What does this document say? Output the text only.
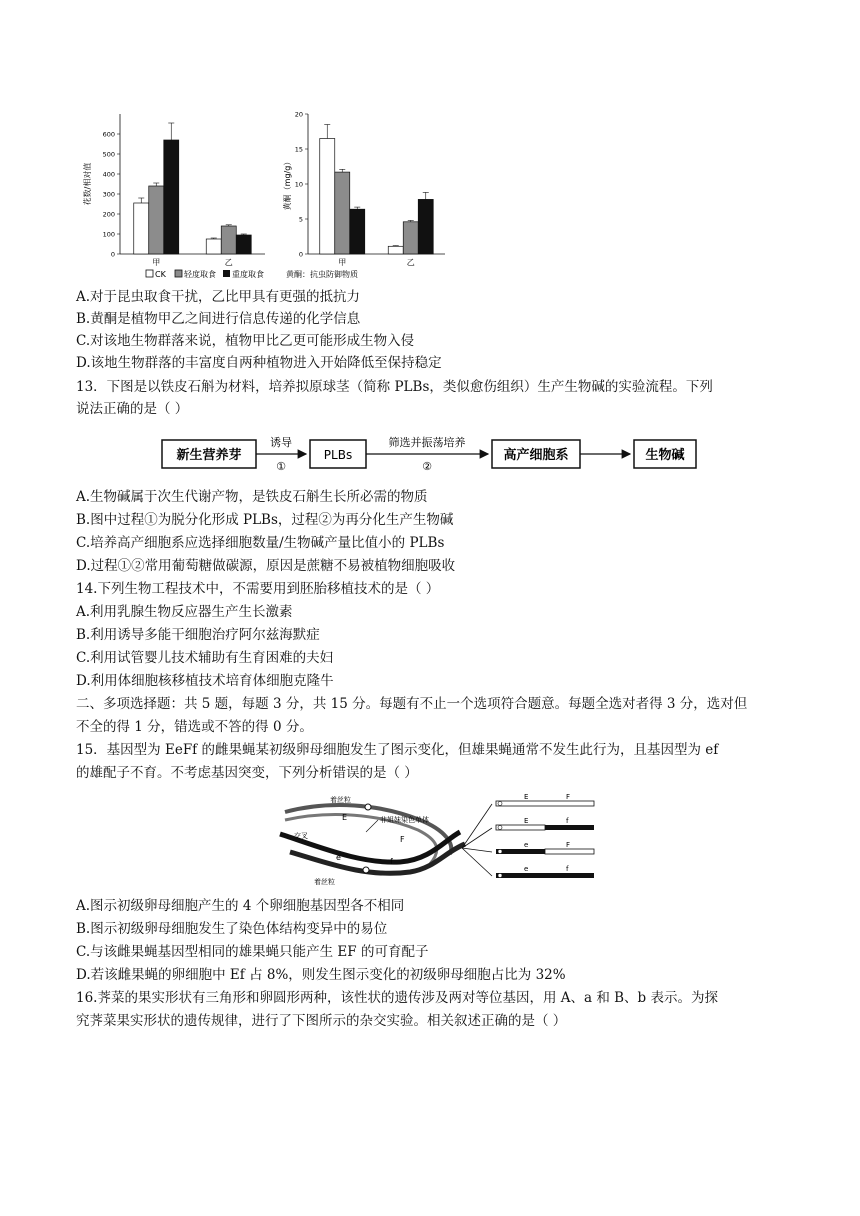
0
100
200
300
400
500
600
花数/相对值
甲	乙
0
5
10
15
20
黄酮（mg/g）
甲	乙
CK 轻度取食 重度取食	黄酮：抗虫防御物质
A.对于昆虫取食干扰，乙比甲具有更强的抵抗力
B.黄酮是植物甲乙之间进行信息传递的化学信息
C.对该地生物群落来说，植物甲比乙更可能形成生物入侵
D.该地生物群落的丰富度自两种植物进入开始降低至保持稳定
13．下图是以铁皮石斛为材料，培养拟原球茎（简称 PLBs，类似愈伤组织）生产生物碱的实验流程。下列
说法正确的是（ ）
新生营养芽
诱导
①
PLBs
筛选并振荡培养
②
高产细胞系	生物碱
A.生物碱属于次生代谢产物，是铁皮石斛生长所必需的物质
B.图中过程①为脱分化形成 PLBs，过程②为再分化生产生物碱
C.培养高产细胞系应选择细胞数量/生物碱产量比值小的 PLBs
D.过程①②常用葡萄糖做碳源，原因是蔗糖不易被植物细胞吸收
14.下列生物工程技术中，不需要用到胚胎移植技术的是（ ）
A.利用乳腺生物反应器生产生长激素
B.利用诱导多能干细胞治疗阿尔兹海默症
C.利用试管婴儿技术辅助有生育困难的夫妇
D.利用体细胞核移植技术培育体细胞克隆牛
二、多项选择题：共 5 题，每题 3 分，共 15 分。每题有不止一个选项符合题意。每题全选对者得 3 分，选对但
不全的得 1 分，错选或不答的得 0 分。
15．基因型为 EeFf 的雌果蝇某初级卵母细胞发生了图示变化，但雄果蝇通常不发生此行为，且基因型为 ef
的雄配子不育。不考虑基因突变，下列分析错误的是（ ）
着丝粒
着丝粒
交叉
非姐妹染色单体
E
F
e	f
E	F
E	f
e	F
e	f
A.图示初级卵母细胞产生的 4 个卵细胞基因型各不相同
B.图示初级卵母细胞发生了染色体结构变异中的易位
C.与该雌果蝇基因型相同的雄果蝇只能产生 EF 的可育配子
D.若该雌果蝇的卵细胞中 Ef 占 8%，则发生图示变化的初级卵母细胞占比为 32%
16.荠菜的果实形状有三角形和卵圆形两种，该性状的遗传涉及两对等位基因，用 A、a 和 B、b 表示。为探
究荠菜果实形状的遗传规律，进行了下图所示的杂交实验。相关叙述正确的是（ ）
